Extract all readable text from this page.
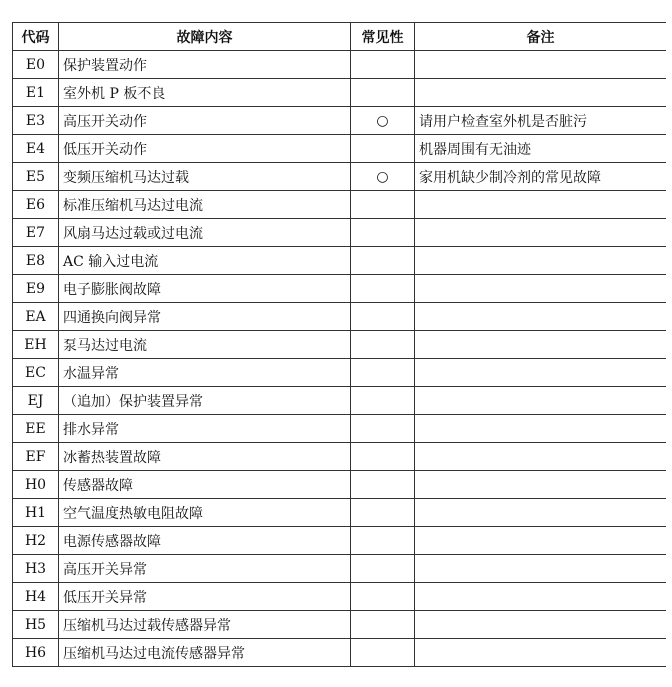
代码	故障内容	常见性	备注
E0	保护装置动作		
E1	室外机 P 板不良		
E3	高压开关动作	○	请用户检查室外机是否脏污
E4	低压开关动作		机器周围有无油迹
E5	变频压缩机马达过载	○	家用机缺少制冷剂的常见故障
E6	标准压缩机马达过电流		
E7	风扇马达过载或过电流		
E8	AC 输入过电流		
E9	电子膨胀阀故障		
EA	四通换向阀异常		
EH	泵马达过电流		
EC	水温异常		
EJ	（追加）保护装置异常		
EE	排水异常		
EF	冰蓄热装置故障		
H0	传感器故障		
H1	空气温度热敏电阻故障		
H2	电源传感器故障		
H3	高压开关异常		
H4	低压开关异常		
H5	压缩机马达过载传感器异常		
H6	压缩机马达过电流传感器异常		
